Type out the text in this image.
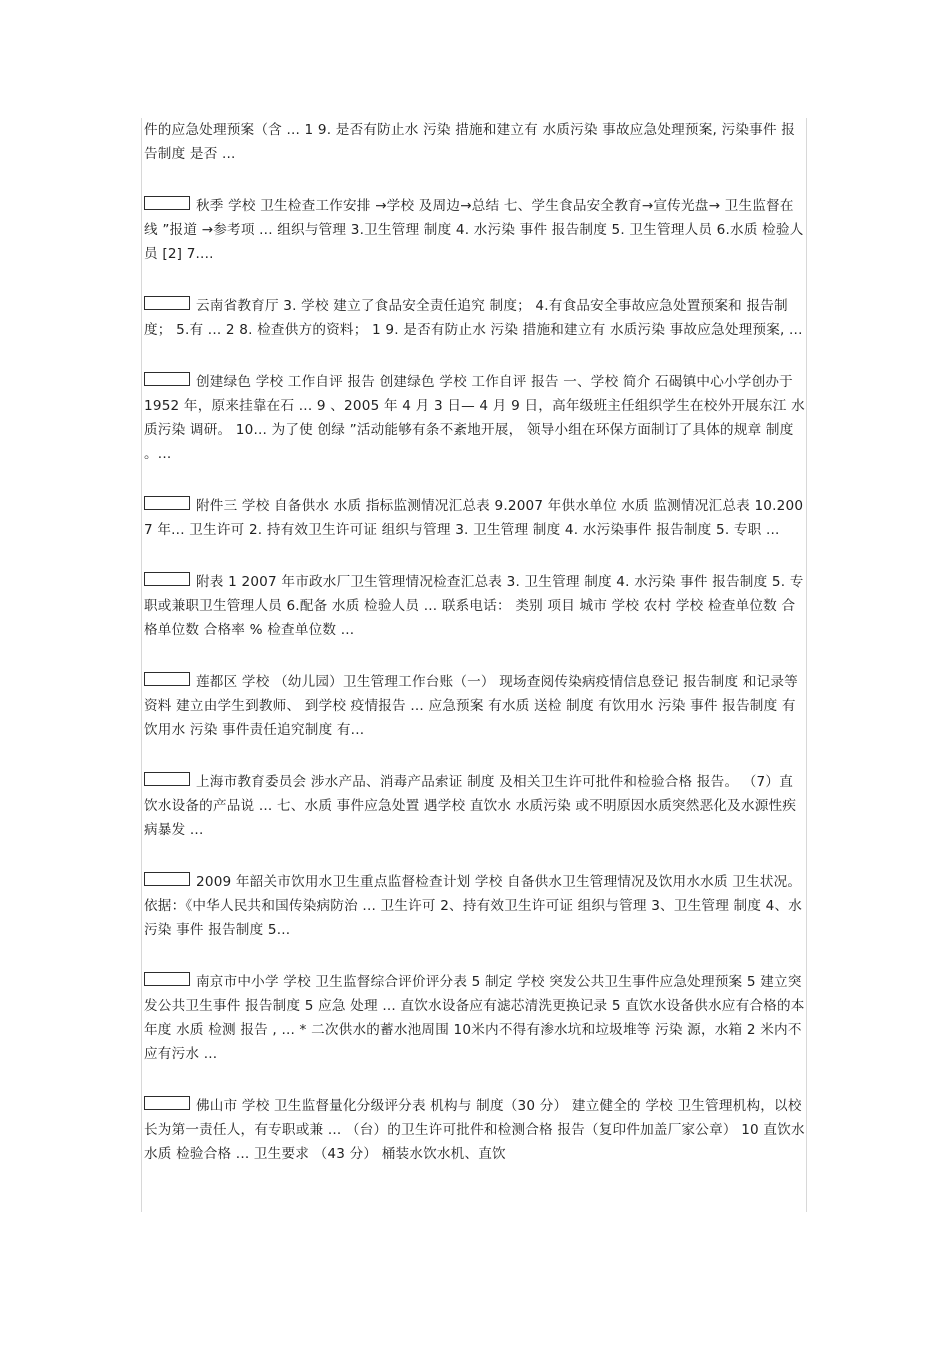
件的应急处理预案（含 ... 1 9. 是否有防止水 污染 措施和建立有 水质污染 事故应急处理预案, 污染事件 报告制度 是否 ...

秋季 学校 卫生检查工作安排 →学校 及周边→总结 七、学生食品安全教育→宣传光盘→ 卫生监督在线 ”报道 →参考项 ... 组织与管理 3.卫生管理 制度 4. 水污染 事件 报告制度 5. 卫生管理人员 6.水质 检验人员 [2] 7....

云南省教育厅 3. 学校 建立了食品安全责任追究 制度； 4.有食品安全事故应急处置预案和 报告制度； 5.有 ... 2 8. 检查供方的资料； 1 9. 是否有防止水 污染 措施和建立有 水质污染 事故应急处理预案, ...

创建绿色 学校 工作自评 报告 创建绿色 学校 工作自评 报告 一、学校 简介 石碣镇中心小学创办于 1952 年，原来挂靠在石 ... 9 、2005 年 4 月 3 日— 4 月 9 日，高年级班主任组织学生在校外开展东江 水质污染 调研。 10... 为了使 创绿 ”活动能够有条不紊地开展， 领导小组在环保方面制订了具体的规章 制度 。...

附件三 学校 自备供水 水质 指标监测情况汇总表 9.2007 年供水单位 水质 监测情况汇总表 10.2007 年... 卫生许可 2. 持有效卫生许可证 组织与管理 3. 卫生管理 制度 4. 水污染事件 报告制度 5. 专职 ...

附表 1 2007 年市政水厂卫生管理情况检查汇总表 3. 卫生管理 制度 4. 水污染 事件 报告制度 5. 专职或兼职卫生管理人员 6.配备 水质 检验人员 ... 联系电话： 类别 项目 城市 学校 农村 学校 检查单位数 合格单位数 合格率 % 检查单位数 ...

莲都区 学校 （幼儿园）卫生管理工作台账（一） 现场查阅传染病疫情信息登记 报告制度 和记录等资料 建立由学生到教师、 到学校 疫情报告 ... 应急预案 有水质 送检 制度 有饮用水 污染 事件 报告制度 有饮用水 污染 事件责任追究制度 有...

上海市教育委员会 涉水产品、消毒产品索证 制度 及相关卫生许可批件和检验合格 报告。 （7）直饮水设备的产品说 ... 七、水质 事件应急处置 遇学校 直饮水 水质污染 或不明原因水质突然恶化及水源性疾病暴发 ...

2009 年韶关市饮用水卫生重点监督检查计划 学校 自备供水卫生管理情况及饮用水水质 卫生状况。 依据：《中华人民共和国传染病防治 ... 卫生许可 2、持有效卫生许可证 组织与管理 3、卫生管理 制度 4、水污染 事件 报告制度 5...

南京市中小学 学校 卫生监督综合评价评分表 5 制定 学校 突发公共卫生事件应急处理预案 5 建立突发公共卫生事件 报告制度 5 应急 处理 ... 直饮水设备应有滤芯清洗更换记录 5 直饮水设备供水应有合格的本年度 水质 检测 报告 , ... * 二次供水的蓄水池周围 10米内不得有渗水坑和垃圾堆等 污染 源，水箱 2 米内不应有污水 ...

佛山市 学校 卫生监督量化分级评分表 机构与 制度（30 分） 建立健全的 学校 卫生管理机构，以校长为第一责任人，有专职或兼 ... （台）的卫生许可批件和检测合格 报告（复印件加盖厂家公章） 10 直饮水 水质 检验合格 ... 卫生要求 （43 分） 桶装水饮水机、直饮
